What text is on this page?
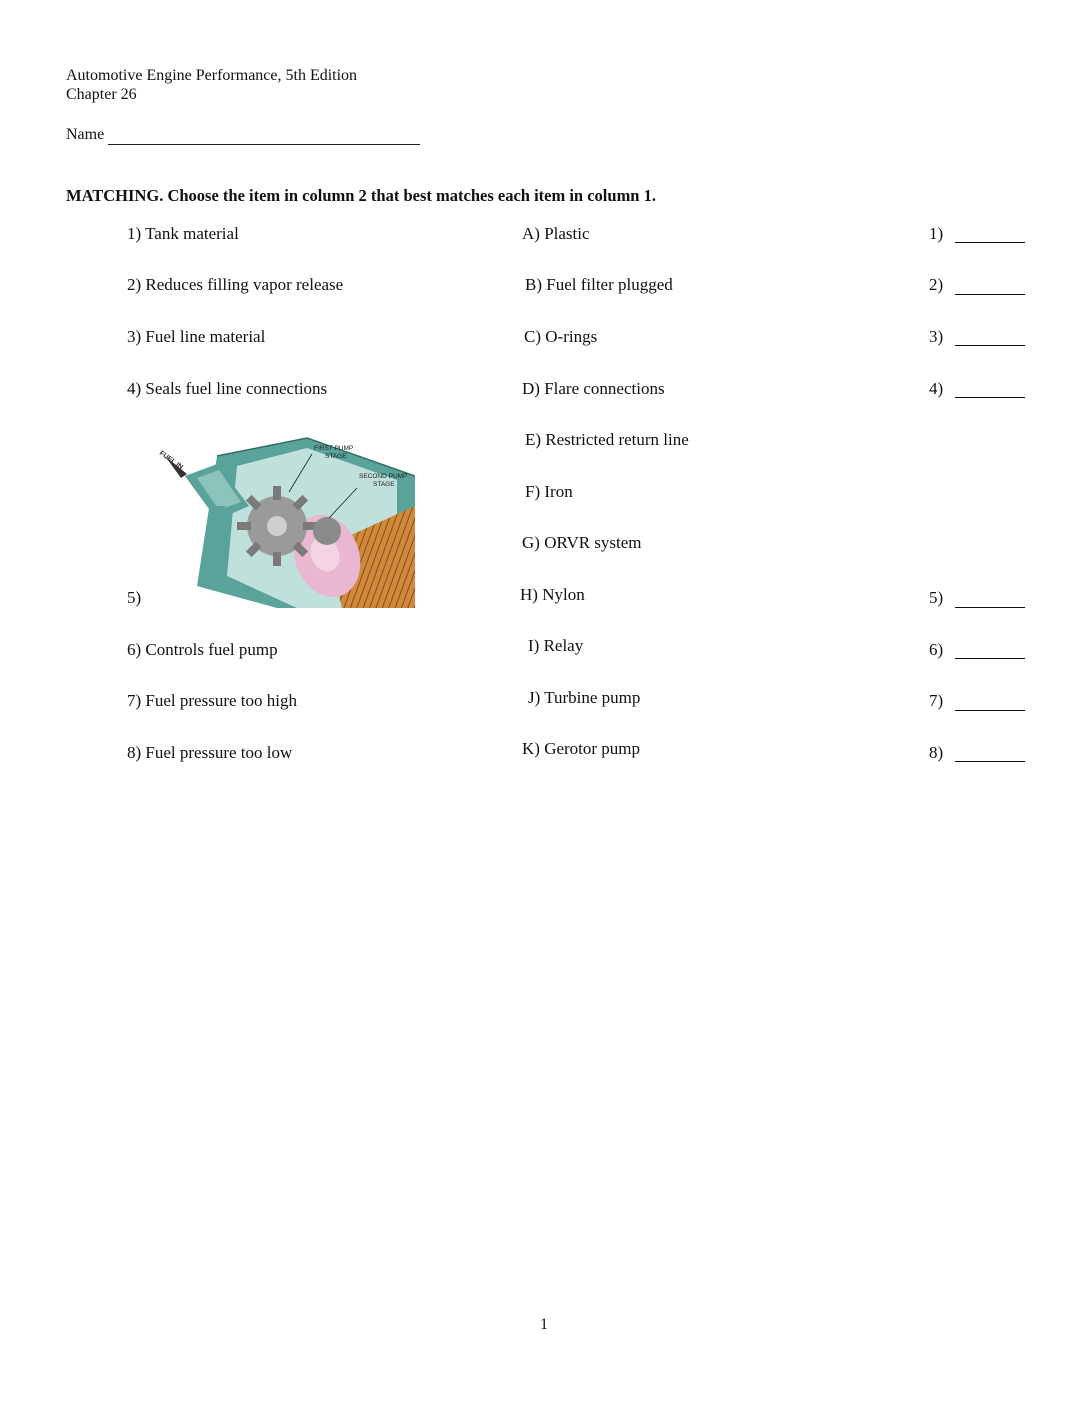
Automotive Engine Performance, 5th Edition
Chapter 26
Name
MATCHING. Choose the item in column 2 that best matches each item in column 1.
1) Tank material
2) Reduces filling vapor release
3) Fuel line material
4) Seals fuel line connections
5)
6) Controls fuel pump
7) Fuel pressure too high
8) Fuel pressure too low
FUEL IN
FIRST PUMP
STAGE
SECOND PUMP
STAGE
A) Plastic
B) Fuel filter plugged
C) O-rings
D) Flare connections
E) Restricted return line
F) Iron
G) ORVR system
H) Nylon
I) Relay
J) Turbine pump
K) Gerotor pump
1)
2)
3)
4)
5)
6)
7)
8)
1
